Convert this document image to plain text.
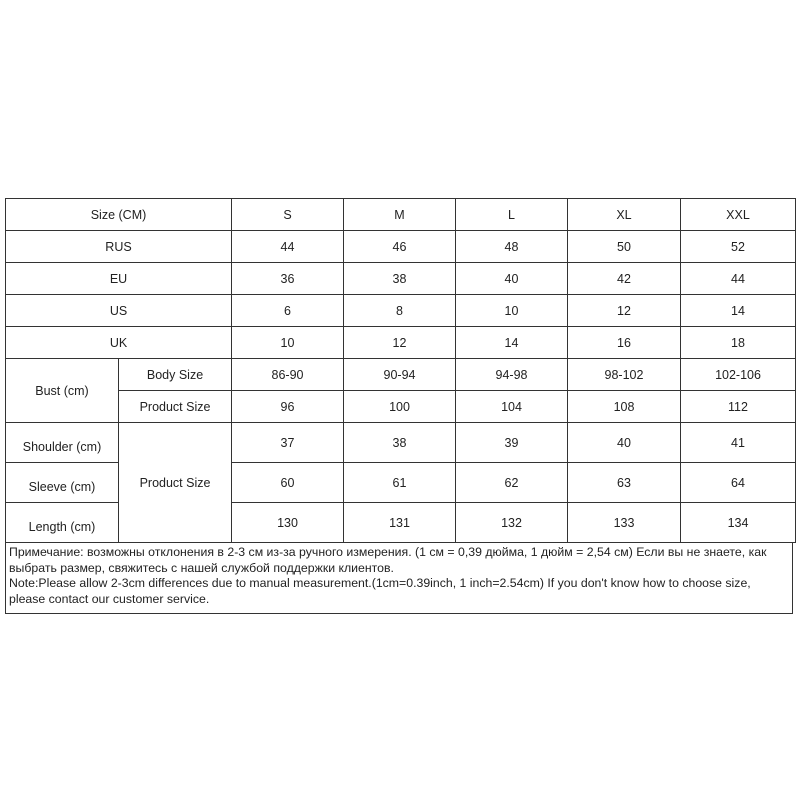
Size (CM)		S	M	L	XL	XXL
RUS		44	46	48	50	52
EU		36	38	40	42	44
US		6	8	10	12	14
UK		10	12	14	16	18
Bust (cm)	Body Size	86-90	90-94	94-98	98-102	102-106
	Product Size	96	100	104	108	112
Shoulder (cm)	Product Size	37	38	39	40	41
Sleeve (cm)		60	61	62	63	64
Length (cm)		130	131	132	133	134

Примечание: возможны отклонения в 2-3 см из-за ручного измерения. (1 см = 0,39 дюйма, 1 дюйм = 2,54 см) Если вы не знаете, как выбрать размер, свяжитесь с нашей службой поддержки клиентов.

Note:Please allow 2-3cm differences due to manual measurement.(1cm=0.39inch, 1 inch=2.54cm) If you don't know how to choose size, please contact our customer service.
